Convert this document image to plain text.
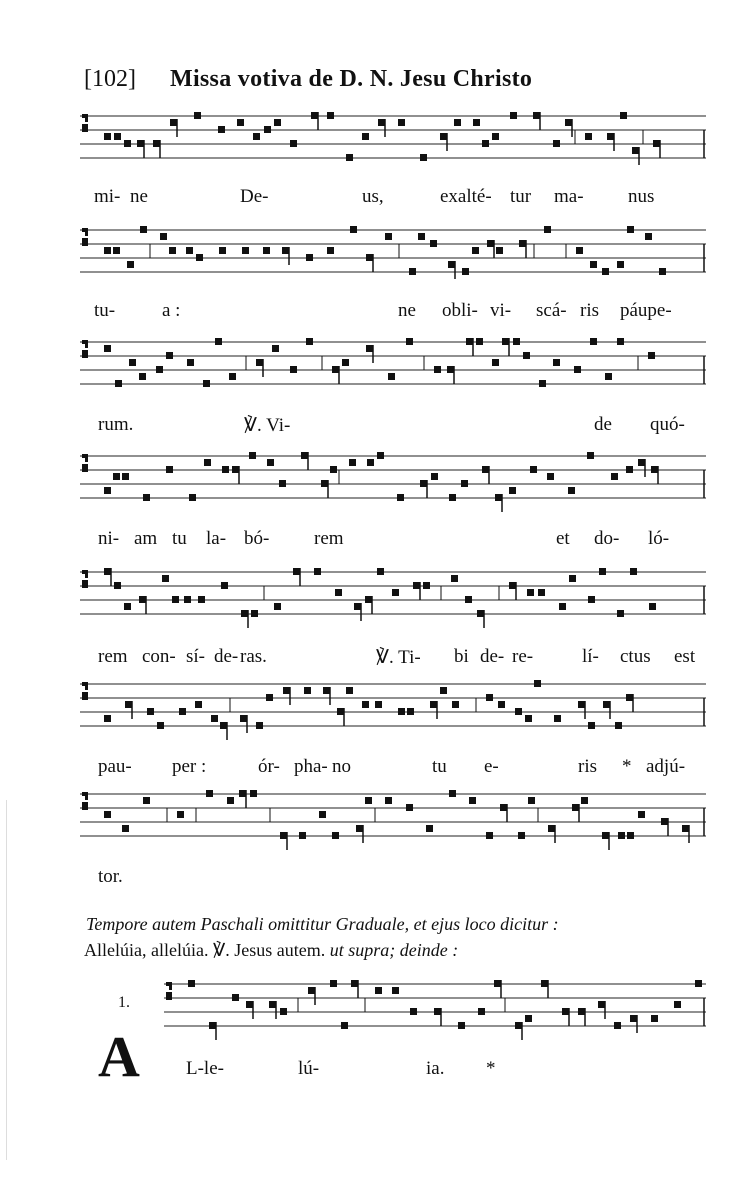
[102] Missa votiva de D. N. Jesu Christo
mi- ne	De-	us,	exalté- tur ma- nus
tu- a :	ne obli- vi- scá- ris páupe-
rum.	℣. Vi-	de quó-
ni- am tu la- bó- rem	et do- ló-
rem con- sí- de- ras.	℣. Ti- bi de- re-	lí- ctus est
pau- per :	ór- pha- no	tu e-	ris * adjú-
tor.
Tempore autem Paschali omittitur Graduale, et ejus loco dicitur :
Allelúia, allelúia. ℣. Jesus autem. ut supra; deinde :
1.
A L-le-	lú-	ia. *
